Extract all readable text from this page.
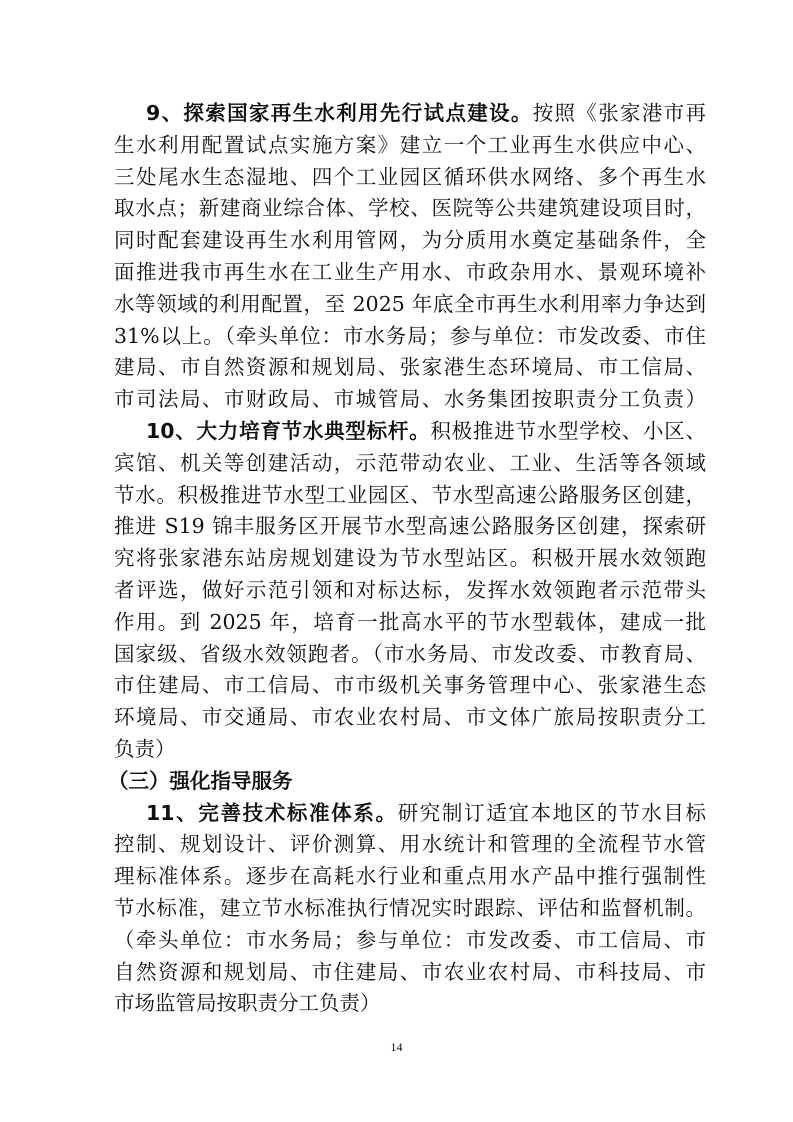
9、探索国家再生水利用先行试点建设。按照《张家港市再
生水利用配置试点实施方案》建立一个工业再生水供应中心、
三处尾水生态湿地、四个工业园区循环供水网络、多个再生水
取水点；新建商业综合体、学校、医院等公共建筑建设项目时，
同时配套建设再生水利用管网，为分质用水奠定基础条件，全
面推进我市再生水在工业生产用水、市政杂用水、景观环境补
水等领域的利用配置，至 2025 年底全市再生水利用率力争达到
31%以上。（牵头单位：市水务局；参与单位：市发改委、市住
建局、市自然资源和规划局、张家港生态环境局、市工信局、
市司法局、市财政局、市城管局、水务集团按职责分工负责）
10、大力培育节水典型标杆。积极推进节水型学校、小区、
宾馆、机关等创建活动，示范带动农业、工业、生活等各领域
节水。积极推进节水型工业园区、节水型高速公路服务区创建，
推进 S19 锦丰服务区开展节水型高速公路服务区创建，探索研
究将张家港东站房规划建设为节水型站区。积极开展水效领跑
者评选，做好示范引领和对标达标，发挥水效领跑者示范带头
作用。到 2025 年，培育一批高水平的节水型载体，建成一批
国家级、省级水效领跑者。（市水务局、市发改委、市教育局、
市住建局、市工信局、市市级机关事务管理中心、张家港生态
环境局、市交通局、市农业农村局、市文体广旅局按职责分工
负责）
（三）强化指导服务
11、完善技术标准体系。研究制订适宜本地区的节水目标
控制、规划设计、评价测算、用水统计和管理的全流程节水管
理标准体系。逐步在高耗水行业和重点用水产品中推行强制性
节水标准，建立节水标准执行情况实时跟踪、评估和监督机制。
（牵头单位：市水务局；参与单位：市发改委、市工信局、市
自然资源和规划局、市住建局、市农业农村局、市科技局、市
市场监管局按职责分工负责）
14
